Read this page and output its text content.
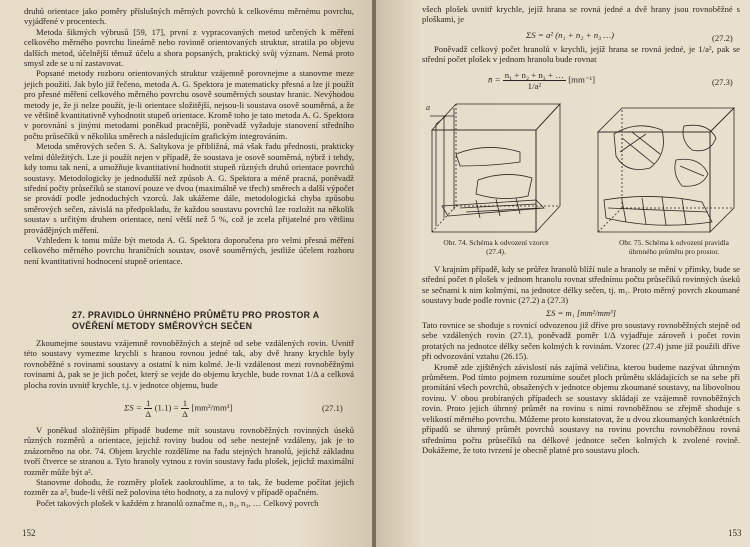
druhů orientace jako poměry příslušných měrných povrchů k celkovému měrnému povrchu, vyjádřené v procentech.

Metoda šikmých výbrusů [59, 17], první z vypracovaných metod určených k měření celkového měrného povrchu lineárně nebo rovinně orientovaných struktur, stratila po objevu dalších metod, účelnější těmuž účelu a shora popsaných, praktický svůj význam. Nemá proto smysl zde se u ní zastavovat.

Popsané metody rozboru orientovaných struktur vzájemně porovnejme a stanovme meze jejich použití. Jak bylo již řečeno, metoda A. G. Spektora je matematicky přesná a lze ji použít pro přesné měření celkového měrného povrchu osově souměrných soustav hranic. Nevýhodou metody je, že ji nelze použít, je-li orientace složitější, nejsou-li soustava osově souměrná, a že ve většině kvantitativně vyhodnotit stupeň orientace. Kromě toho je tato metoda A. G. Spektora v porovnání s jinými metodami poněkud pracnější, poněvadž vyžaduje stanovení středního počtu průsečíků v několika směrech a následujícím grafickým integrováním.

Metoda směrových sečen S. A. Saltykova je přibližná, má však řadu přednosti, prakticky velmi důležitých. Lze ji použít nejen v případě, že soustava je osově souměrná, nýbrž i tehdy, kdy tomu tak není, a umožňuje kvantitativní hodnotit stupeň různých druhů orientace povrchů soustavy. Metodologicky je jednodušší než způsob A. G. Spektora a méně pracná, poněvadž střední počty průsečíků se stanoví pouze ve dvou (maximálně ve třech) směrech a další výpočet se provádí podle jednoduchých vzorců. Jak ukážeme dále, metodologická chyba způsobu směrových sečen, závislá na předpokladu, že každou soustavu povrchů lze rozložit na několik soustav s určitým druhem orientace, není větší než 5 %, což je zcela přijatelné pro většinu provádějných měření.

Vzhledem k tomu může být metoda A. G. Spektora doporučena pro velmi přesná měření celkového měrného povrchu hraničních soustav, osově souměrných, jestliže účelem rozboru není kvantitativní hodnocení stupně orientace.

27. PRAVIDLO ÚHRNNÉHO PRŮMĚTU PRO PROSTOR A OVĚŘENÍ METODY SMĚROVÝCH SEČEN

Zkoumejme soustavu vzájemně rovnoběžných a stejně od sebe vzdálených rovin. Uvnitř této soustavy vymezme krychli s hranou rovnou jedné tak, aby dvě hrany krychle byly rovnoběžné s rovinami soustavy a ostatní k nim kolmé. Je-li vzdálenost mezi rovnoběžnými rovinami Δ, pak se je jich počet, který se vejde do objemu krychle, bude rovnat 1/Δ a celková plocha rovin uvnitř krychle, t.j. v jednotce objemu, bude

$\Sigma S = \frac{1}{\Delta} (1.1) = \frac{1}{\Delta} [mm^2/mm^3]$	(27.1)

V poněkud složitějším případě budeme mít soustavu rovnoběžných rovinných úseků různých rozměrů a orientace, jejichž roviny budou od sebe nestejně vzdáleny, jak je to znázorněno na obr. 74. Objem krychle rozdělíme na řadu stejných hranolů, jejichž základnu tvoří čtverce se stranou a. Tyto hranoly vytnou z rovin soustavy řadu plošek, jejichž maximální rozměr může být a².

Stanovme dohodu, že rozměry plošek zaokrouhlíme, a to tak, že budeme počítat jejich rozměr za a², bude-li větší než polovina této hodnoty, a za nulový v případě opačném.

Počet takových plošek v každém z hranolů označme n₁, n₂, n₃, … Celkový povrch

152

všech plošek uvnitř krychle, jejíž hrana se rovná jedné a dvě hrany jsou rovnoběžné s ploškami, je

ΣS = a² (n₁ + n₂ + n₃ …)	(27.2)

Poněvadž celkový počet hranolů v krychli, jejíž hrana se rovná jedné, je 1/a², pak se střední počet plošek v jednom hranolu bude rovnat

n̄ = $\frac{\text{n₁ + n₂ + n₃ + …}}{\text{1/a²}} [mm^{-1}]$	(27.3)
a
Obr. 74. Schéma k odvození vzorce (27.4).
Obr. 75. Schéma k odvození pravidla úhrnného průmětu pro prostor.

V krajním případě, kdy se průřez hranolů blíží nule a hranoly se mění v přímky, bude se střední počet n̄ plošek v jednom hranolu rovnat střednímu počtu průsečíků rovinných úseků se sečnami k nim kolmými, na jednotce délky sečen, tj. m₁. Proto měrný povrch zkoumané soustavy bude podle rovnic (27.2) a (27.3)

ΣS = m₁ [mm²/mm³]

Tato rovnice se shoduje s rovnicí odvozenou již dříve pro soustavy rovnoběžných stejně od sebe vzdálených rovin (27.1), poněvadž poměr 1/Δ vyjadřuje zároveň i počet rovin protatých na jednotce délky sečen kolmých k rovinám. Vzorec (27.4) jsme již použili dříve při odvozování vztahu (26.15).

Kromě zde zjištěných závislostí nás zajímá veličina, kterou budeme nazývat úhrnným průmětem. Pod tímto pojmem rozumíme součet ploch průmětu skládajících se na sebe při promítání všech povrchů, obsažených v jednotce objemu zkoumané soustavy, na libovolnou rovinu. V obou probíraných případech se soustavy skládají ze vzájemně rovnoběžných rovin. Proto jejich úhrnný průmět na rovinu s nimi rovnoběžnou se zřejmě shoduje s velikostí měrného povrchu. Můžeme proto konstatovat, že u dvou zkoumaných konkrétních případů se úhrnný průmět povrchů soustavy na rovinu povrchu rovnoběžnou rovná střednímu počtu průsečíků na délkové jednotce sečen kolmých k zvolené rovině. Dokážeme, že toto tvrzení je obecně platné pro soustavu ploch.

153
